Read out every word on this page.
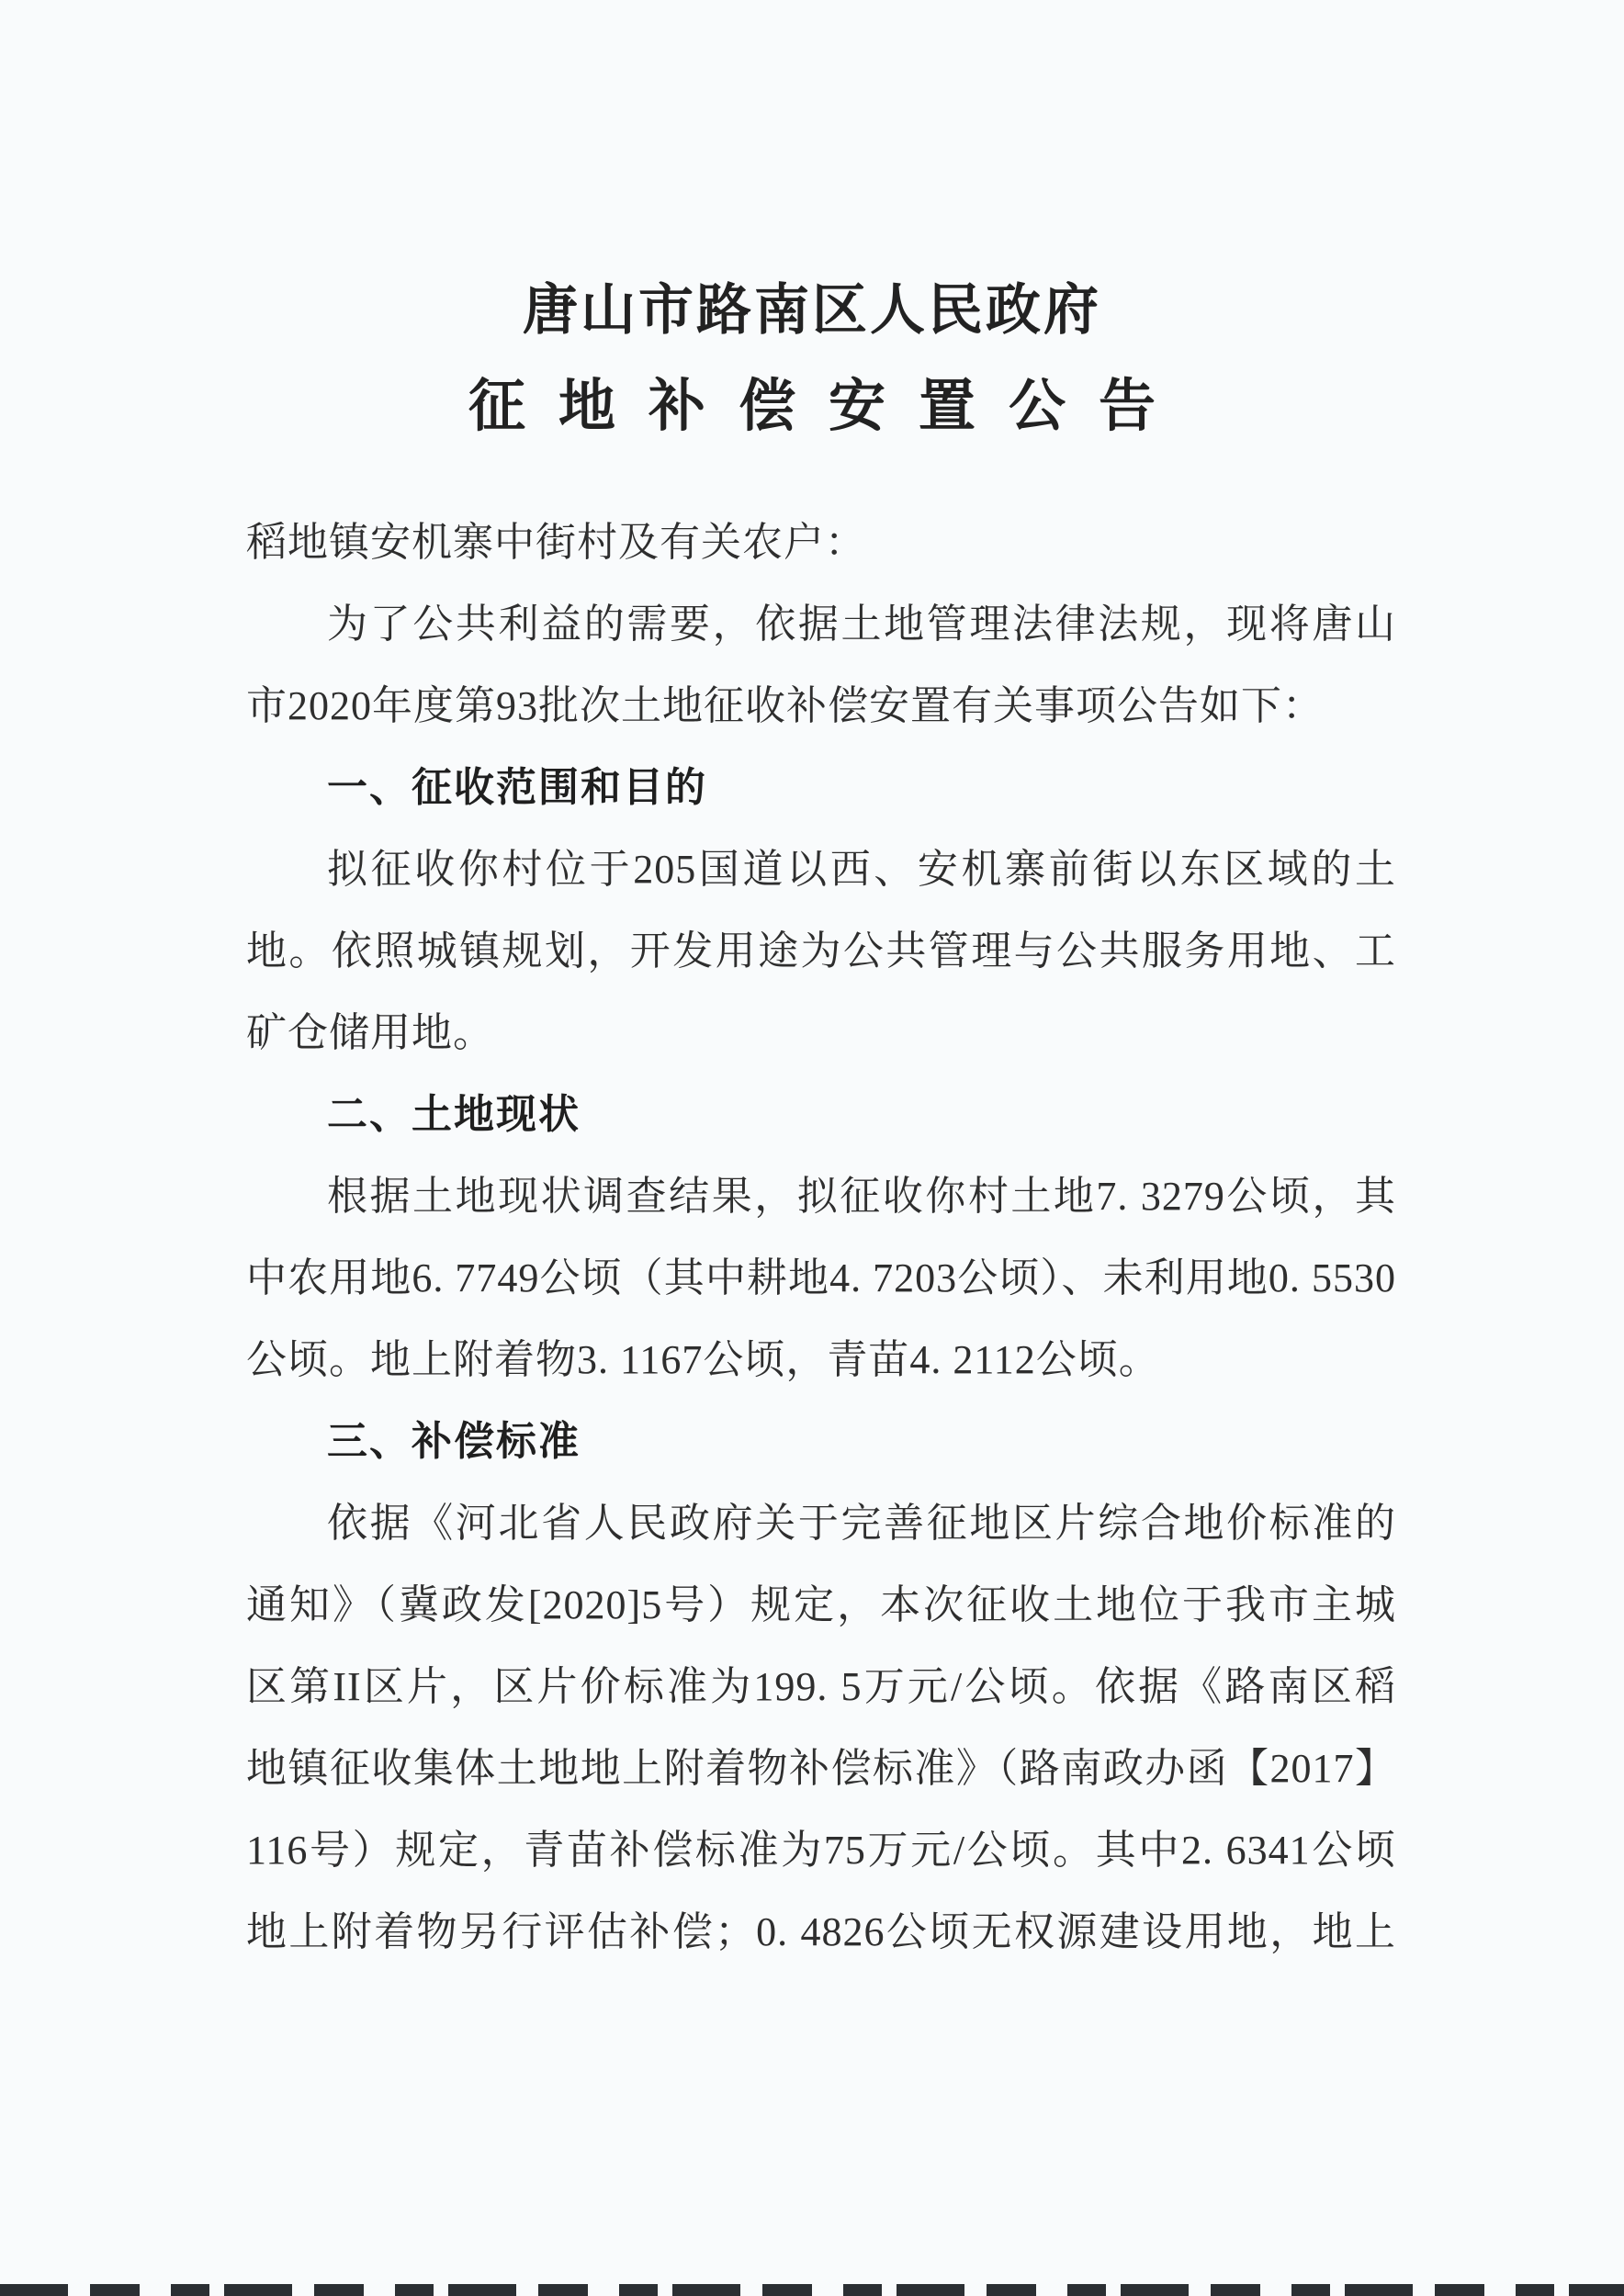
唐山市路南区人民政府
征地补偿安置公告
稻地镇安机寨中街村及有关农户：
为了公共利益的需要，依据土地管理法律法规，现将唐山
市2020年度第93批次土地征收补偿安置有关事项公告如下：
一、征收范围和目的
拟征收你村位于205国道以西、安机寨前街以东区域的土
地。依照城镇规划，开发用途为公共管理与公共服务用地、工
矿仓储用地。
二、土地现状
根据土地现状调查结果，拟征收你村土地7. 3279公顷，其
中农用地6. 7749公顷（其中耕地4. 7203公顷）、未利用地0. 5530
公顷。地上附着物3. 1167公顷，青苗4. 2112公顷。
三、补偿标准
依据《河北省人民政府关于完善征地区片综合地价标准的
通知》（冀政发[2020]5号）规定，本次征收土地位于我市主城
区第II区片，区片价标准为199. 5万元/公顷。依据《路南区稻
地镇征收集体土地地上附着物补偿标准》（路南政办函【2017】
116号）规定，青苗补偿标准为75万元/公顷。其中2. 6341公顷
地上附着物另行评估补偿；0. 4826公顷无权源建设用地，地上
